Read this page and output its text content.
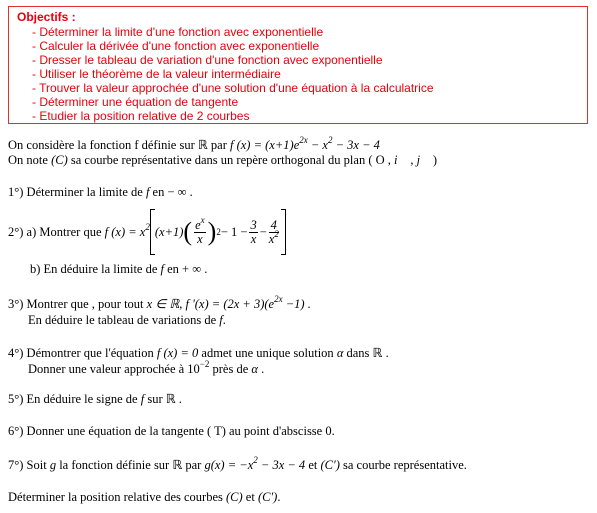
Objectifs :
- Déterminer la limite d'une fonction avec exponentielle
- Calculer la dérivée d'une fonction avec exponentielle
- Dresser le tableau de variation d'une fonction avec exponentielle
- Utiliser le théorème de la valeur intermédiaire
- Trouver la valeur approchée d'une solution d'une équation à la calculatrice
- Déterminer une équation de tangente
- Etudier la position relative de 2 courbes
On considère la fonction f définie sur ℝ par f $(x) = (x+1)e^{2x} - x^2 - 3x - 4$
On note (C) sa courbe représentative dans un repère orthogonal du plan ( O , i⃗ , j⃗ )
1°) Déterminer la limite de f en − ∞ .
2°) a) Montrer que
f $(x) = x^2$ (x+1) ( $\frac{e^x}{x}$ ) $2 - 1 - \frac{3}{x} - \frac{4}{x^2}$
b) En déduire la limite de f en + ∞ .
3°) Montrer que , pour tout x ∈ ℝ, f '$(x) = (2x + 3)(e^{2x} -1)$ .
En déduire le tableau de variations de f.
4°) Démontrer que l'équation f (x) = 0 admet une unique solution α dans ℝ .
Donner une valeur approchée à $10^{-2}$ près de α .
5°) En déduire le signe de f sur ℝ .
6°) Donner une équation de la tangente ( T) au point d'abscisse 0.
7°) Soit g la fonction définie sur ℝ par $g(x) = -x^2 - 3x - 4$ et (C′) sa courbe représentative.
Déterminer la position relative des courbes (C) et (C′).
